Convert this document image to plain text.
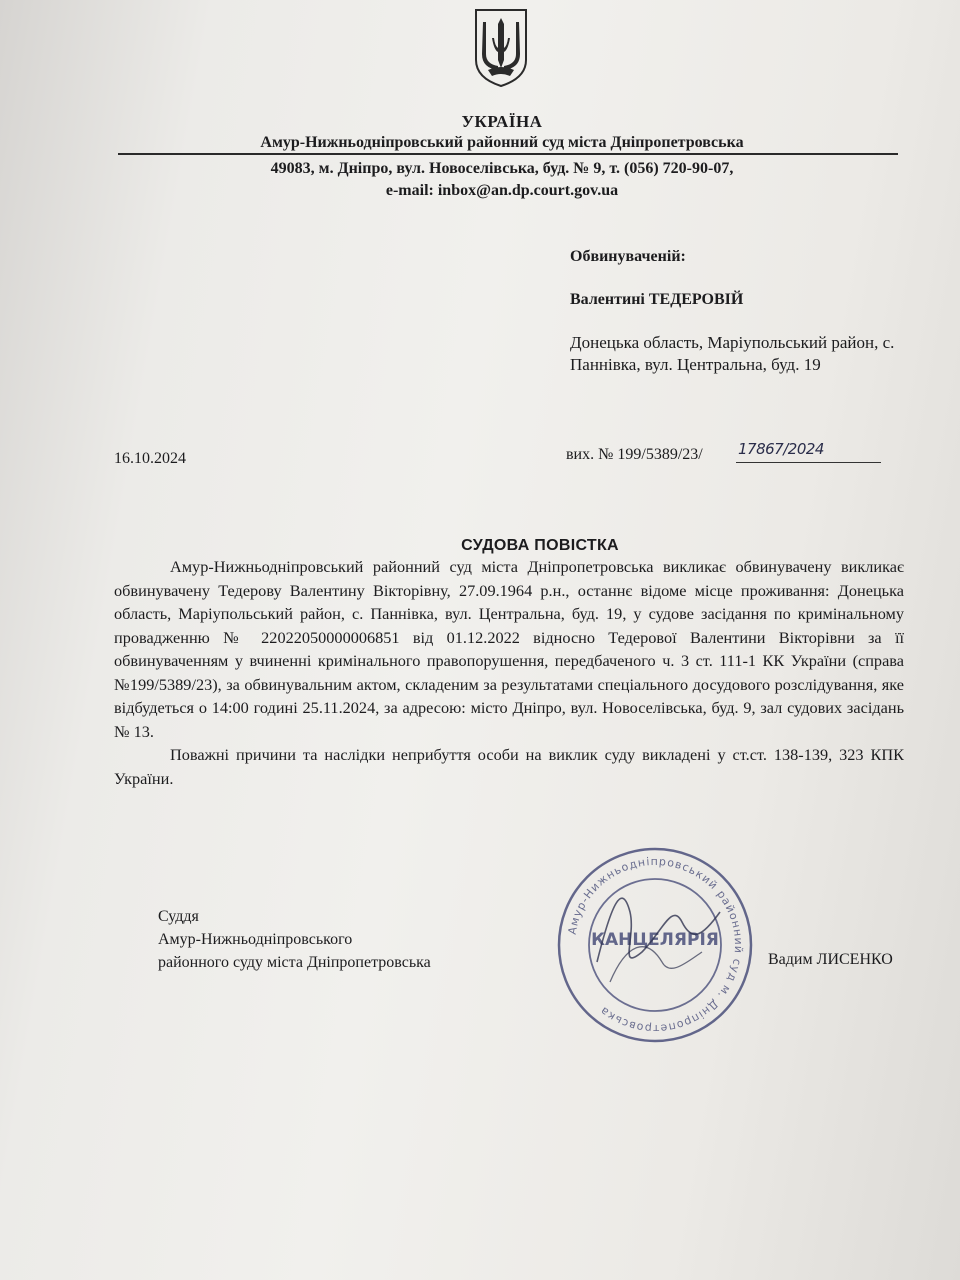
УКРАЇНА
Амур-Нижньодніпровський районний суд міста Дніпропетровська
49083, м. Дніпро, вул. Новоселівська, буд. № 9, т. (056) 720-90-07,
e-mail: inbox@an.dp.court.gov.ua
Обвинуваченій:
Валентині ТЕДЕРОВІЙ
Донецька область, Маріупольський район, с. Паннівка, вул. Центральна, буд. 19
16.10.2024	вих. № 199/5389/23/ 17867/2024
СУДОВА ПОВІСТКА

Амур-Нижньодніпровський районний суд міста Дніпропетровська викликає обвинувачену викликає обвинувачену Тедерову Валентину Вікторівну, 27.09.1964 р.н., останнє відоме місце проживання: Донецька область, Маріупольський район, с. Паннівка, вул. Центральна, буд. 19, у судове засідання по кримінальному провадженню № 22022050000006851 від 01.12.2022 відносно Тедерової Валентини Вікторівни за її обвинуваченням у вчиненні кримінального правопорушення, передбаченого ч. 3 ст. 111-1 КК України (справа №199/5389/23), за обвинувальним актом, складеним за результатами спеціального досудового розслідування, яке відбудеться о 14:00 годині 25.11.2024, за адресою: місто Дніпро, вул. Новоселівська, буд. 9, зал судових засідань № 13.

Поважні причини та наслідки неприбуття особи на виклик суду викладені у ст.ст. 138-139, 323 КПК України.

Суддя
Амур-Нижньодніпровського
районного суду міста Дніпропетровська
Амур-Нижньодніпровський районний суд м. Дніпропетровська
КАНЦЕЛЯРІЯ
Вадим ЛИСЕНКО
